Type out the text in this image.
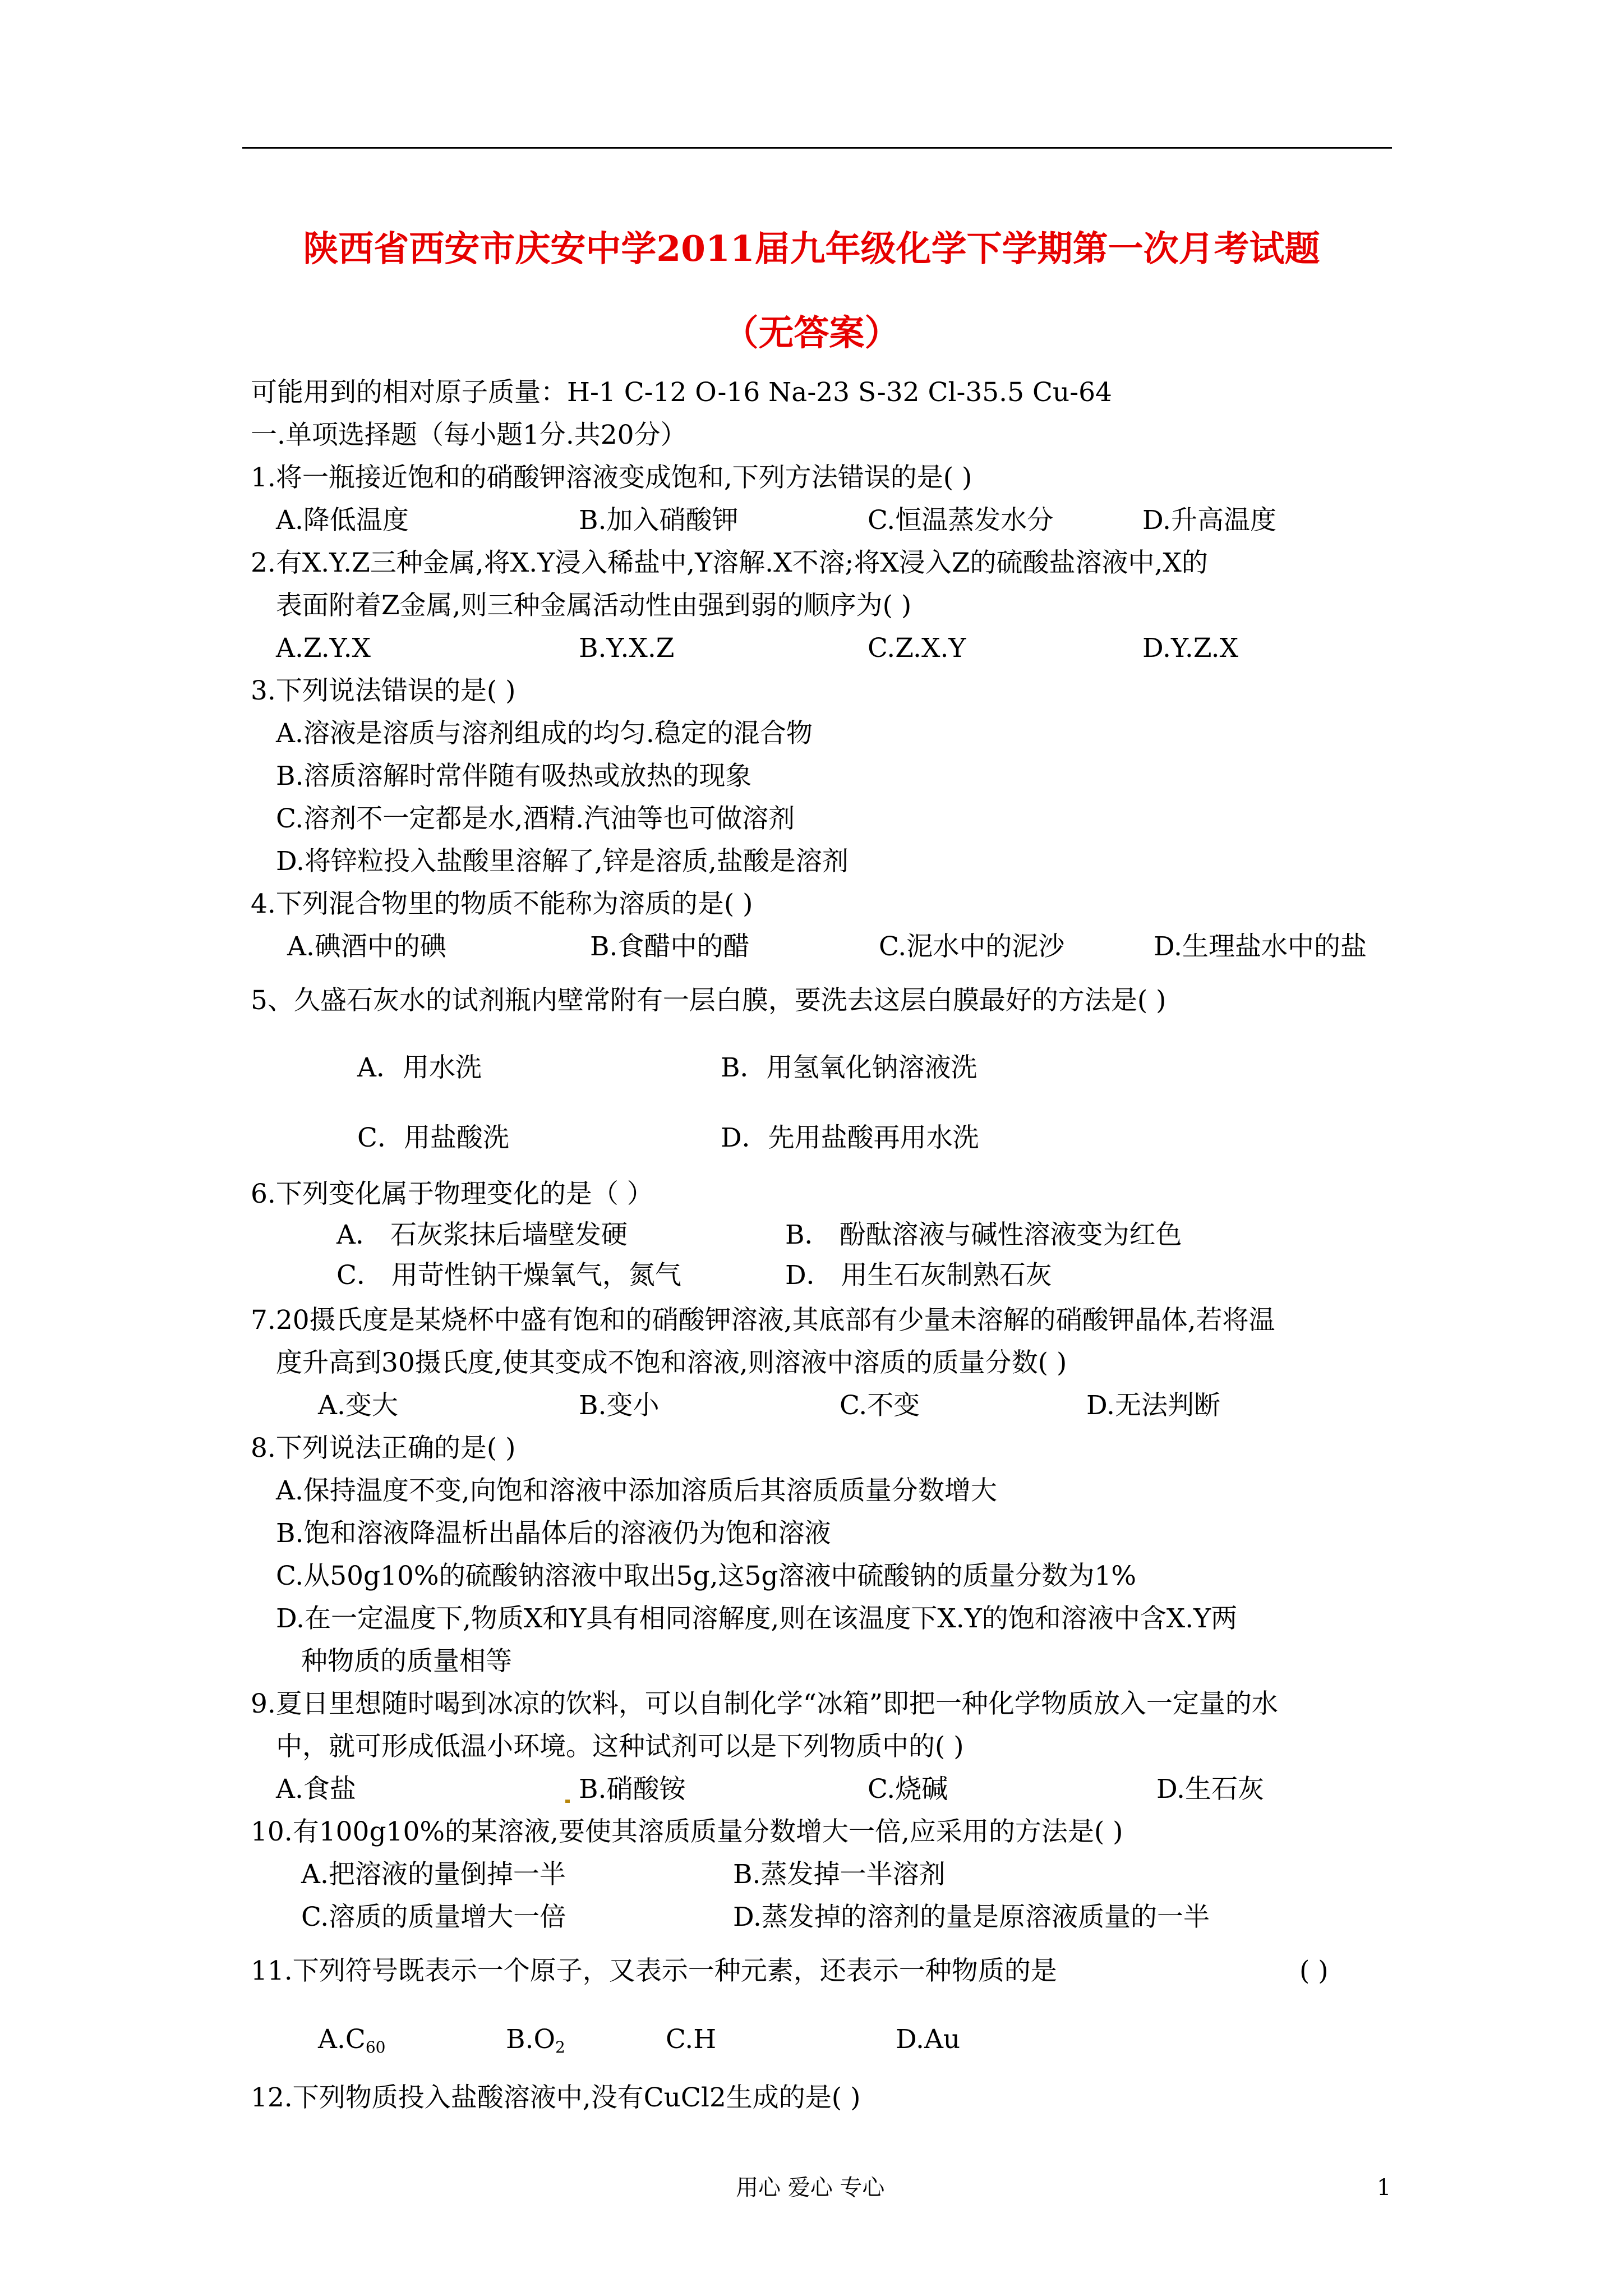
陕西省西安市庆安中学2011届九年级化学下学期第一次月考试题
（无答案）
可能用到的相对原子质量：H-1 C-12 O-16 Na-23 S-32 Cl-35.5 Cu-64
一.单项选择题（每小题1分.共20分）
1.将一瓶接近饱和的硝酸钾溶液变成饱和,下列方法错误的是( )
A.降低温度	B.加入硝酸钾	C.恒温蒸发水分	D.升高温度
2.有X.Y.Z三种金属,将X.Y浸入稀盐中,Y溶解.X不溶;将X浸入Z的硫酸盐溶液中,X的
表面附着Z金属,则三种金属活动性由强到弱的顺序为( )
A.Z.Y.X	B.Y.X.Z	C.Z.X.Y	D.Y.Z.X
3.下列说法错误的是( )
A.溶液是溶质与溶剂组成的均匀.稳定的混合物
B.溶质溶解时常伴随有吸热或放热的现象
C.溶剂不一定都是水,酒精.汽油等也可做溶剂
D.将锌粒投入盐酸里溶解了,锌是溶质,盐酸是溶剂
4.下列混合物里的物质不能称为溶质的是( )
A.碘酒中的碘	B.食醋中的醋	C.泥水中的泥沙	D.生理盐水中的盐
5、久盛石灰水的试剂瓶内壁常附有一层白膜，要洗去这层白膜最好的方法是( )
A．用水洗	B．用氢氧化钠溶液洗
C．用盐酸洗	D．先用盐酸再用水洗
6.下列变化属于物理变化的是（ ）
A． 石灰浆抹后墙壁发硬	B． 酚酞溶液与碱性溶液变为红色
C． 用苛性钠干燥氧气，氮气	D． 用生石灰制熟石灰
7.20摄氏度是某烧杯中盛有饱和的硝酸钾溶液,其底部有少量未溶解的硝酸钾晶体,若将温
度升高到30摄氏度,使其变成不饱和溶液,则溶液中溶质的质量分数( )
A.变大	B.变小	C.不变	D.无法判断
8.下列说法正确的是( )
A.保持温度不变,向饱和溶液中添加溶质后其溶质质量分数增大
B.饱和溶液降温析出晶体后的溶液仍为饱和溶液
C.从50g10%的硫酸钠溶液中取出5g,这5g溶液中硫酸钠的质量分数为1%
D.在一定温度下,物质X和Y具有相同溶解度,则在该温度下X.Y的饱和溶液中含X.Y两
种物质的质量相等
9.夏日里想随时喝到冰凉的饮料，可以自制化学“冰箱”即把一种化学物质放入一定量的水
中，就可形成低温小环境。这种试剂可以是下列物质中的( )
A.食盐	B.硝酸铵	C.烧碱	D.生石灰
10.有100g10%的某溶液,要使其溶质质量分数增大一倍,应采用的方法是( )
A.把溶液的量倒掉一半	B.蒸发掉一半溶剂
C.溶质的质量增大一倍	D.蒸发掉的溶剂的量是原溶液质量的一半
11.下列符号既表示一个原子，又表示一种元素，还表示一种物质的是	( )
$A.C_{60}$	$B.O_2$	C.H	D.Au
12.下列物质投入盐酸溶液中,没有CuCl2生成的是( )
用心 爱心 专心	1
